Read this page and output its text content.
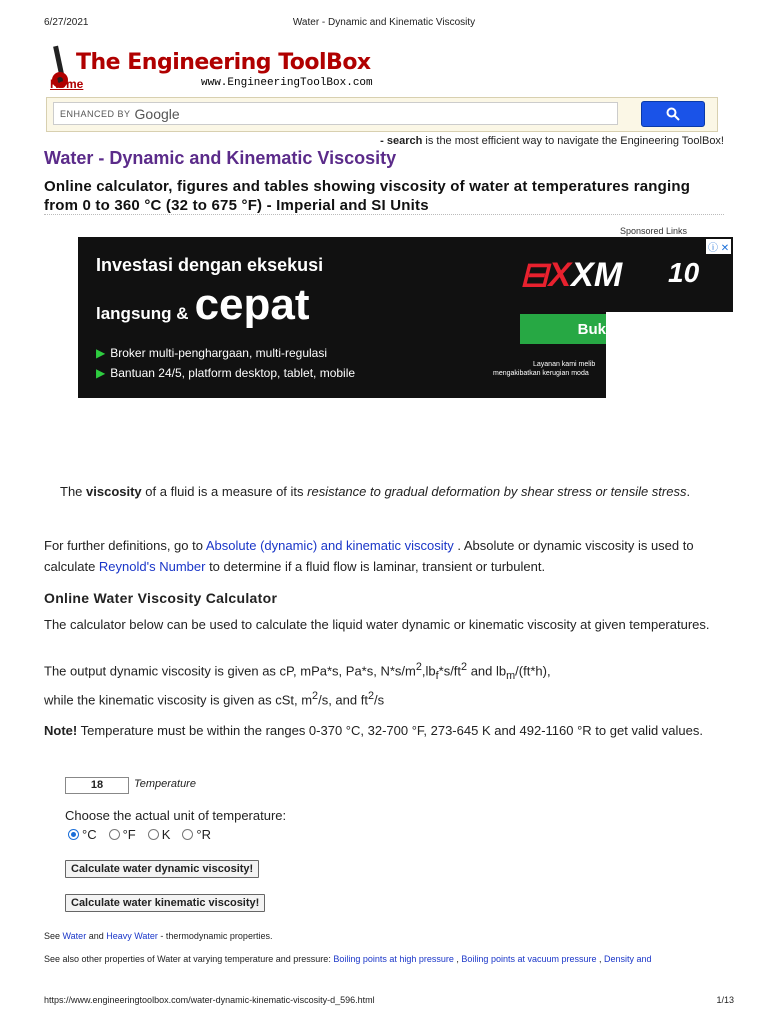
6/27/2021	Water - Dynamic and Kinematic Viscosity
The Engineering ToolBox
Home	www.EngineeringToolBox.com
ENHANCED BY Google
- search is the most efficient way to navigate the Engineering ToolBox!
Water - Dynamic and Kinematic Viscosity
Online calculator, figures and tables showing viscosity of water at temperatures ranging from 0 to 360 °C (32 to 675 °F) - Imperial and SI Units
Sponsored Links
Investasi dengan eksekusi
langsung & cepat
▶ Broker multi-penghargaan, multi-regulasi
▶ Bantuan 24/5, platform desktop, tablet, mobile
⊟XXM 10
Buk
Layanan kami melib
mengakibatkan kerugian moda
ⓘ ✕
The viscosity of a fluid is a measure of its resistance to gradual deformation by shear stress or tensile stress.
For further definitions, go to Absolute (dynamic) and kinematic viscosity . Absolute or dynamic viscosity is used to calculate Reynold's Number to determine if a fluid flow is laminar, transient or turbulent.
Online Water Viscosity Calculator
The calculator below can be used to calculate the liquid water dynamic or kinematic viscosity at given temperatures.
The output dynamic viscosity is given as cP, mPa*s, Pa*s, $N*s/m^2,lb_f*s/ft^2$ and $lb_m/(ft*h)$,
while the kinematic viscosity is given as cSt, $m^2/s$, and $ft^2/s$
Note! Temperature must be within the ranges 0-370 °C, 32-700 °F, 273-645 K and 492-1160 °R to get valid values.
18	Temperature
Choose the actual unit of temperature:
°C °F K °R
Calculate water dynamic viscosity!
Calculate water kinematic viscosity!
See Water and Heavy Water - thermodynamic properties.
See also other properties of Water at varying temperature and pressure: Boiling points at high pressure , Boiling points at vacuum pressure , Density and
https://www.engineeringtoolbox.com/water-dynamic-kinematic-viscosity-d_596.html	1/13
